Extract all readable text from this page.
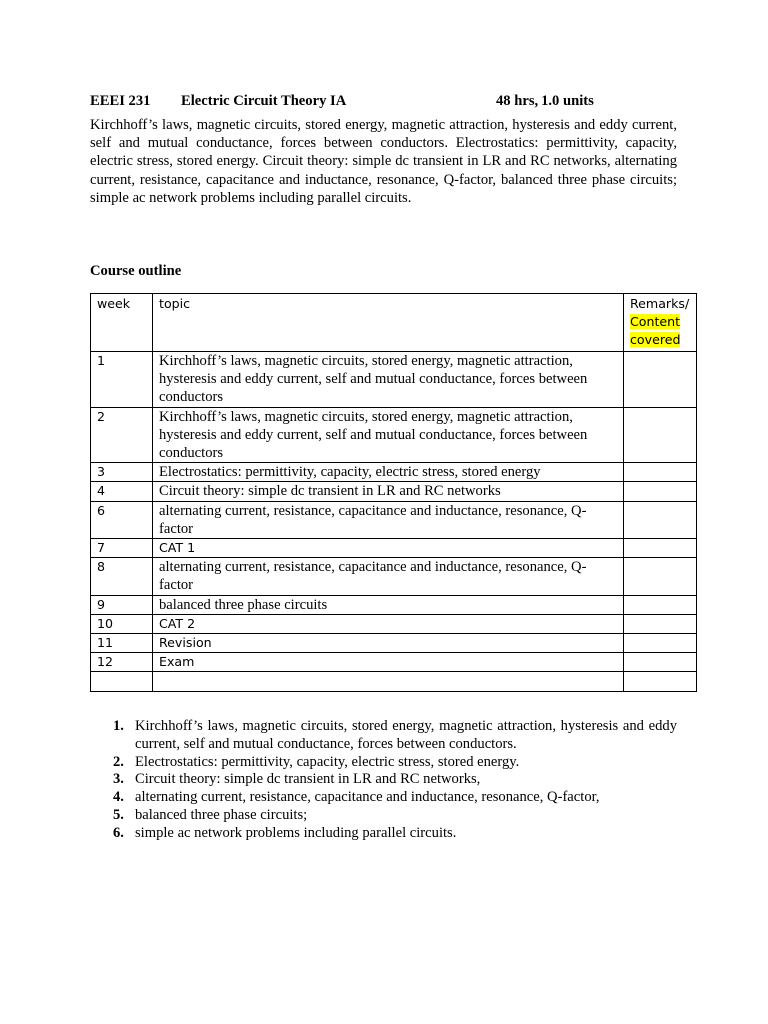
EEEI 231 Electric Circuit Theory IA	48 hrs, 1.0 units
Kirchhoff’s laws, magnetic circuits, stored energy, magnetic attraction, hysteresis and eddy current, self and mutual conductance, forces between conductors. Electrostatics: permittivity, capacity, electric stress, stored energy. Circuit theory: simple dc transient in LR and RC networks, alternating current, resistance, capacitance and inductance, resonance, Q-factor, balanced three phase circuits; simple ac network problems including parallel circuits.
Course outline
week	topic	Remarks/
Content
covered
1	Kirchhoff’s laws, magnetic circuits, stored energy, magnetic attraction, hysteresis and eddy current, self and mutual conductance, forces between conductors	
2	Kirchhoff’s laws, magnetic circuits, stored energy, magnetic attraction, hysteresis and eddy current, self and mutual conductance, forces between conductors	
3	Electrostatics: permittivity, capacity, electric stress, stored energy	
4	Circuit theory: simple dc transient in LR and RC networks	
6	alternating current, resistance, capacitance and inductance, resonance, Q-factor	
7	CAT 1	
8	alternating current, resistance, capacitance and inductance, resonance, Q-factor	
9	balanced three phase circuits	
10	CAT 2	
11	Revision	
12	Exam	

1. Kirchhoff’s laws, magnetic circuits, stored energy, magnetic attraction, hysteresis and eddy current, self and mutual conductance, forces between conductors.
2. Electrostatics: permittivity, capacity, electric stress, stored energy.
3. Circuit theory: simple dc transient in LR and RC networks,
4. alternating current, resistance, capacitance and inductance, resonance, Q-factor,
5. balanced three phase circuits;
6. simple ac network problems including parallel circuits.
